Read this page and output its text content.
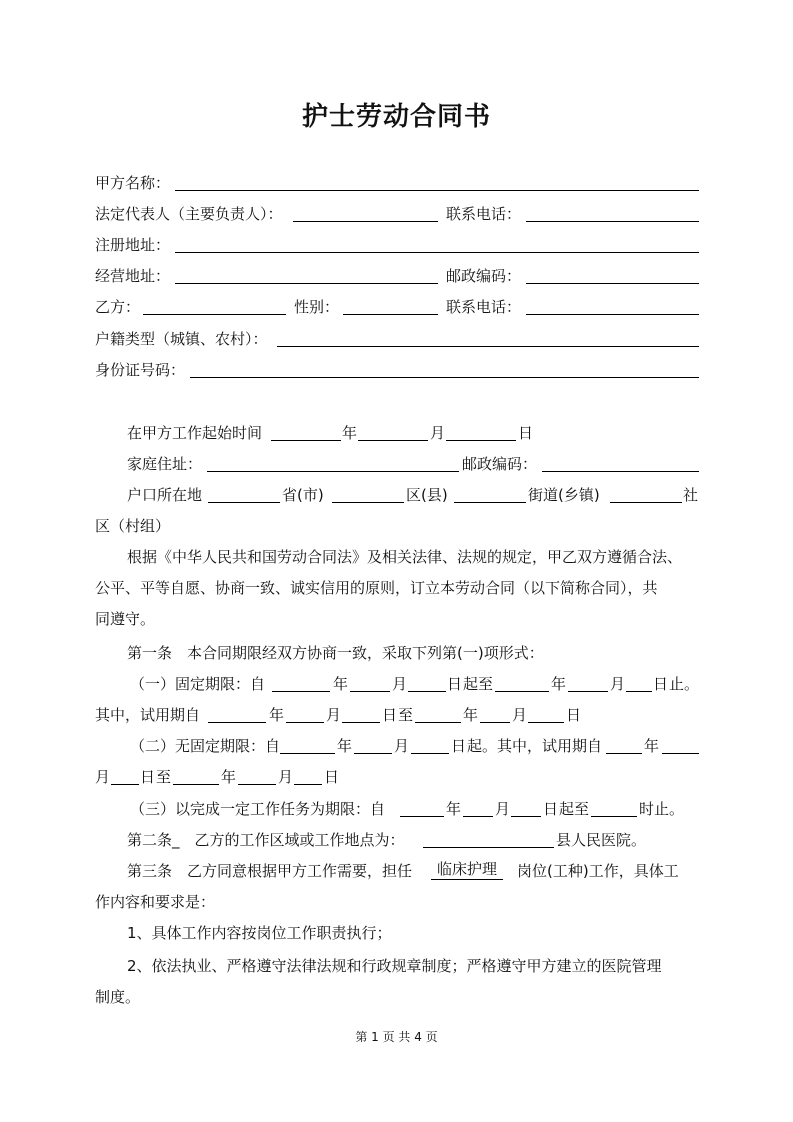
护士劳动合同书
甲方名称：
法定代表人（主要负责人）：	联系电话：
注册地址：
经营地址：	邮政编码：
乙方：	性别：	联系电话：
户籍类型（城镇、农村）：
身份证号码：
在甲方工作起始时间	年	月	日
家庭住址：	邮政编码：
户口所在地	省(市)	区(县)	街道(乡镇)	社
区（村组）
根据《中华人民共和国劳动合同法》及相关法律、法规的规定，甲乙双方遵循合法、
公平、平等自愿、协商一致、诚实信用的原则，订立本劳动合同（以下简称合同），共
同遵守。
第一条　本合同期限经双方协商一致，采取下列第(一)项形式：
（一）固定期限：自	年	月	日 起至	年	月 日 止。
其中，试用期自	年	月	日 至	年 月	日
（二）无固定期限：自	年	月	日 起。其中，试用期自	年
月 日 至	年	月 日
（三）以完成一定工作任务为期限：自	年 月 日 起至	时止。
第二条_　乙方的工作区域或工作地点为：	县人民医院。
第三条　乙方同意根据甲方工作需要，担任	临床护理	岗位(工种)工作，具体工
作内容和要求是：
1、具体工作内容按岗位工作职责执行；
2、依法执业、严格遵守法律法规和行政规章制度；严格遵守甲方建立的医院管理
制度。
第 1 页 共 4 页
